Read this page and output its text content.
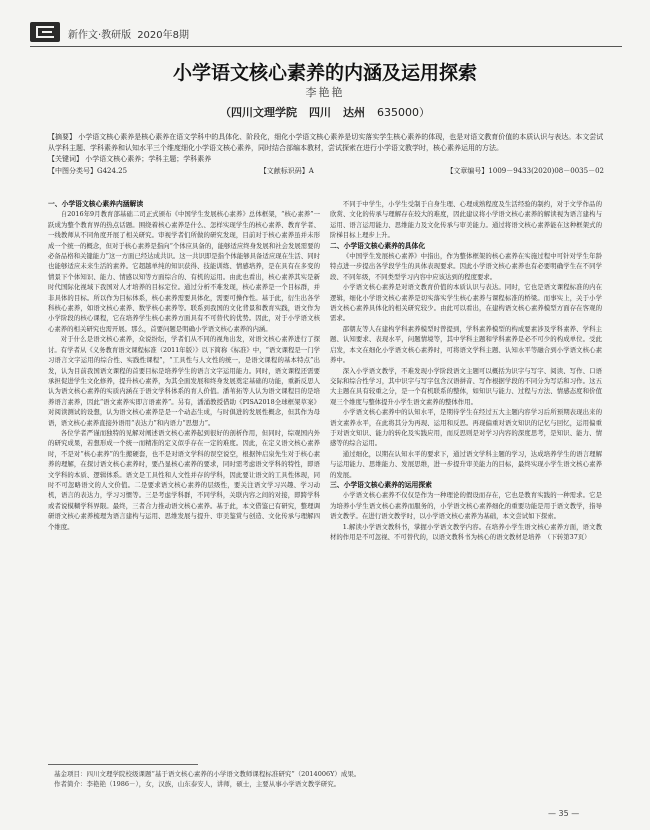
新作文·教研版 2020年8期
小学语文核心素养的内涵及运用探索
李艳艳
（四川文理学院 四川 达州 635000）
【摘要】 小学语文核心素养是核心素养在语文学科中的具体化、阶段化，细化小学语文核心素养是切实落实学生核心素养的体现，也是对语文教育价值的本质认识与表达。本文尝试从学科主题、学科素养和认知水平三个维度细化小学语文核心素养，同时结合部编本教材，尝试探索在进行小学语文教学时，核心素养运用的方法。
【关键词】 小学语文核心素养；学科主题；学科素养
【中图分类号】G424.25	【文献标识码】A	【文章编号】1009－9433(2020)08－0035－02
一、小学语文核心素养内涵解读

自2016年9月教育部基础二司正式颁布《中国学生发展核心素养》总体框架，“核心素养”一跃成为整个教育界的热点话题。围绕着核心素养是什么、怎样实现学生的核心素养、教育学者、一线教师从不同角度开展了相关研究。审视学者们所做的研究发现，目前对于核心素养虽并未形成一个统一的概念，但对于核心素养是指向“个体应具备的，能够适应终身发展和社会发展需要的必备品格和关键能力”这一方面已经达成共识。这一共识即是指个体能够具备适应现在生活、同时也能够适应未来生活的素养。它超越单纯的知识获得、技能训练、情感培养，是在具有在多变的情景下个体知识、能力、情感以知等方面综合的、有机的运用。由此也看出，核心素养其实是新时代国际化视域下我国对人才培养的目标定位。通过分析不难发现，核心素养是一个目标群，并非具体的目标。所以作为目标体系，核心素养需要具体化，需要可操作性。基于此，衍生出各学科核心素养，如语文核心素养、数学核心素养等。联系到我国的文化背景和教育实践，语文作为小学阶段的核心课程，它在培养学生核心素养方面具有不可替代的优势。因此，对于小学语文核心素养的相关研究也需开展。那么，首要问题是明确小学语文核心素养的内涵。

对于什么是语文核心素养，众说纷纭，学者们从不同的视角出发，对语文核心素养进行了探讨。有学者从《义务教育语文课程标准（2011年版）》以下简称《标准》中，“语文课程是一门学习语言文字运用的综合性、实践性课程”，“工具性与人文性的统一，是语文课程的基本特点”出发，认为目前我国语文课程的首要目标是培养学生的语言文字运用能力。同时，语文课程还需要承担促进学生文化修养，提升核心素养，为其全面发展和终身发展奠定基础的功能，重新反思人认为语文核心素养的实质内涵在于语文学科体系的育人价值。潘苇拓等人认为语文课程目的是培养语言素养，因此“语文素养实即言语素养”。另有，潘涌教授借助《PISA2018全球框架草案》对阅读测试的设想，认为语文核心素养是是一个动态生成，与时俱进的发展性概念，但其作为母语，语文核心素养直接外语用“表达力”和内语力“思想力”。

各位学者严谨而独特的见解对阐述语文核心素养起到很好的剖析作用，但同时，综观国内外的研究成果，若想形成一个统一而精准的定义似乎存在一定的难度。因此，在定义语文核心素养时，不是对“核心素养”的生搬硬套，也不是对语文学科的误空说空，根据钟启泉先生对于核心素养的理解，在探讨语文核心素养时，要凸显核心素养的要求，同时需考虑语文学科的特性，即语文学科的本质、逻辑体系。语文是工具性和人文性并存的学科，因此要让语文的工具性体现，同时不可忽略语文的人文价值。二是要求语文核心素养的层级性，要关注语文学习兴趣、学习动机，语言的表达力，学习习惯等。三是考虑学科群，不同学科，关联内容之间的对接，即跨学科或者说模糊学科界限。最终，三者合力推动语文核心素养。基于此，本文借鉴已有研究，整理调研语文核心素养梳理为语言建构与运用、思维发展与提升、审美鉴赏与创造、文化传承与理解四个维度。

不同于中学生，小学生受制于自身生理、心理成熟程度及生活经验的制约，对于文学作品的欣赏、文化的传承与理解存在较大的难度，因此建议将小学语文核心素养的解读视为语言建构与运用、语言运用能力、思维能力及文化传承与审美能力。通过将语文核心素养能在这种框架式的阶梯目标上理步上升。

二、小学语文核心素养的具体化

《中国学生发展核心素养》中指出，作为整体框架的核心素养在实施过程中可针对学生年龄特点进一步提出各学段学生的具体表现要求。因此小学语文核心素养也有必要明确学生在不同学段、不同年级，不同类型学习内容中应该达到的程度要求。

小学语文核心素养是对语文教育价值的本质认识与表达。同时，它也是语文课程标准的内在逻辑，细化小学语文核心素养是切实落实学生核心素养与课程标准的桥梁。而事实上，关于小学语文核心素养具体化的相关研究较少。由此可以看出，在建构语文核心素养模型方面存在客观的需求。

邵朝友等人在建构学科素养模型时曾提到，学科素养模型的构成要素涉及学科素养、学科主题、认知要求、表现水平，问题情境等，其中学科主题和学科素养是必不可少的构成单位。受此启发，本文在细化小学语文核心素养时，可将语文学科主题、认知水平等融合到小学语文核心素养中。

深入小学语文教学，不难发现小学阶段语文主题可以概括为识字与写字、阅读、写作、口语交际和综合性学习，其中识字与写字包含汉语拼音、写作根据学段的不同分为写话和习作。这五大主题在具有较重之分，是一个有机联系的整体，如知识与能力、过程与方法、情感态度和价值观三个维度与整体提升小学生语文素养的整体作用。

小学语文核心素养中的认知水平，是期待学生在经过五大主题内容学习后所预期表现出来的语文素养水平，在此将其分为再现、运用和反思。再现偏重对语文知识的记忆与回忆，运用偏重于对语文知识、能力的转化及实践应用，而反思则是对学习内容的深度思考，是知识、能力、情感等的综合运用。

通过细化，以期在认知水平的要求下，通过语文学科主题的学习，达成培养学生的语言理解与运用能力、思维能力、发展思维，进一步提升审美能力的目标，最终实现小学生语文核心素养的发展。

三、小学语文核心素养的运用探索

小学语文核心素养不仅仅是作为一种理论的假设而存在，它也是教育实践的一种需求。它是为培养小学生语文核心素养而服务的，小学语文核心素养细化的重要功能是用于语文教学，指导语文教学。在进行语文教学时，以小学语文核心素养为基础，本文尝试如下探索。

1.解读小学语文教科书，掌握小学语文教学内容。在培养小学生语文核心素养方面，语文教材的作用是不可忽视、不可替代的，以语文教科书为核心的语文教材是培养　（下转第37页）

基金项目：四川文理学院校级课题“基于语文核心素养的小学语文教师课程标准研究”（2014006Y）成果。
作者简介：李艳艳（1986－），女，汉族，山东泰安人，讲师，硕士，主要从事小学语文教学研究。
— 35 —
